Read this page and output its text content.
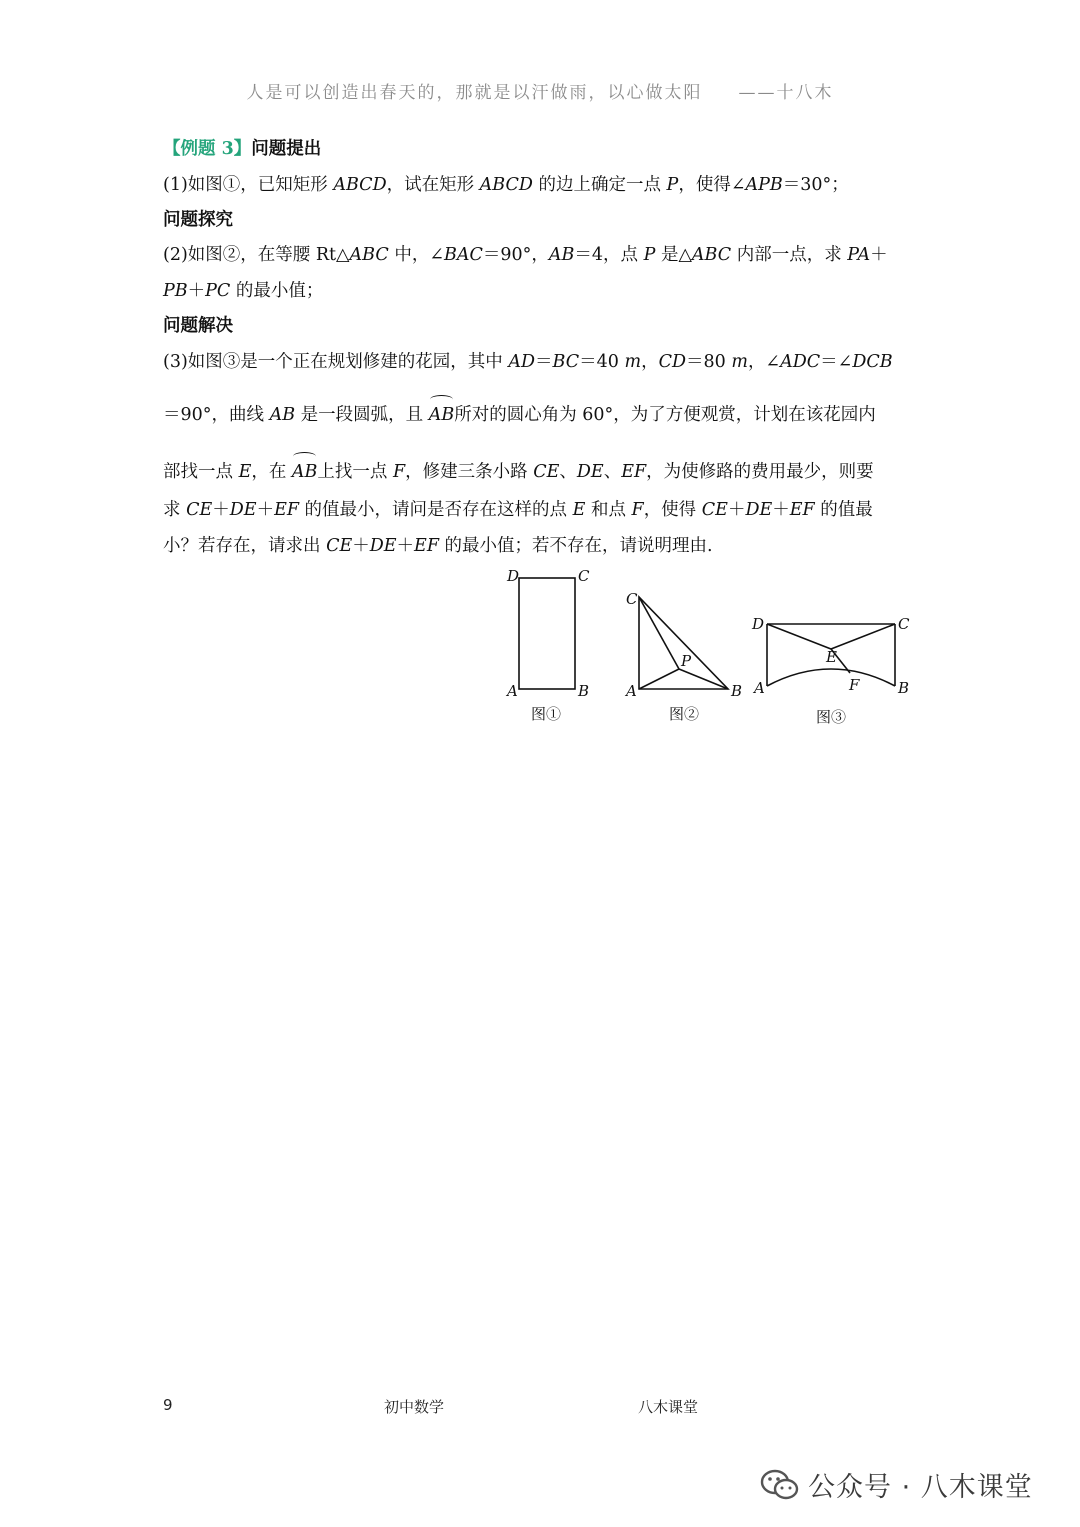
人是可以创造出春天的，那就是以汗做雨，以心做太阳 ——十八木
【例题 3】问题提出
(1)如图①，已知矩形 ABCD，试在矩形 ABCD 的边上确定一点 P，使得∠APB＝30°；
问题探究
(2)如图②，在等腰 Rt△ABC 中，∠BAC＝90°，AB＝4，点 P 是△ABC 内部一点，求 PA＋
PB＋PC 的最小值；
问题解决
(3)如图③是一个正在规划修建的花园，其中 AD＝BC＝40 m，CD＝80 m，∠ADC＝∠DCB
＝90°，曲线 AB 是一段圆弧，且
AB所对的圆心角为 60°，为了方便观赏，计划在该花园内
部找一点 E，在
AB上找一点 F，修建三条小路 CE、DE、EF，为使修路的费用最少，则要
求 CE＋DE＋EF 的值最小，请问是否存在这样的点 E 和点 F，使得 CE＋DE＋EF 的值最
小？若存在，请求出 CE＋DE＋EF 的最小值；若不存在，请说明理由.
D	C
A	B
C
P
A	B
D	C
E
F
A	B
图①	图②	图③
9	初中数学	八木课堂
公众号 · 八木课堂
